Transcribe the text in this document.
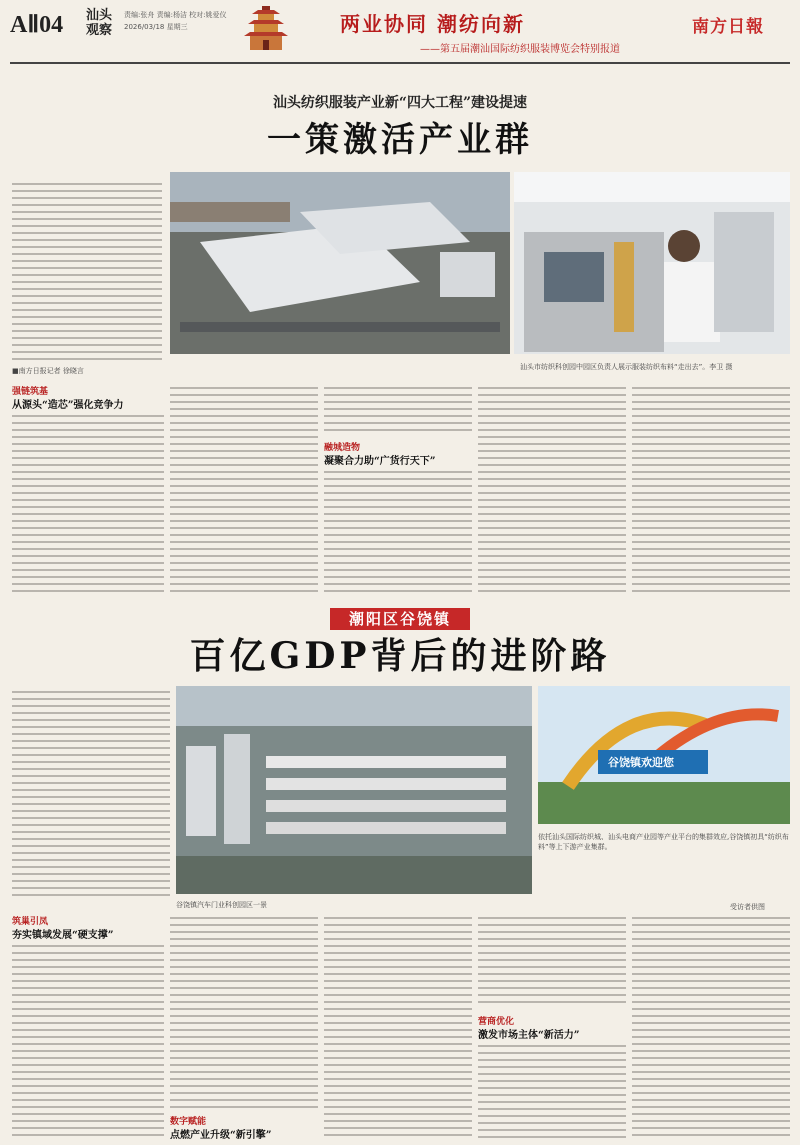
AⅡ04 汕头观察
责编:张舟 责编:杨洁 校对:姚爱仪
2026/03/18 星期三	两业协同 潮纺向新
——第五届潮汕国际纺织服装博览会特别报道
南方日報
汕头纺织服装产业新“四大工程”建设提速
一策激活产业群
■南方日报记者 徐晓言	汕头市纺织科创园中园区负责人展示服装纺织布料“走出去”。李卫 摄
强链筑基
从源头“造芯”强化竞争力
融城造物
凝聚合力助“广货行天下”
潮阳区谷饶镇
百亿GDP背后的进阶路
谷饶镇欢迎您
谷饶镇汽车门业科创园区一景
依托汕头国际纺织城、汕头电商产业园等产业平台的集群效应,谷饶镇初具“纺织布料”等上下游产业集群。
受访者供图
筑巢引凤
夯实镇域发展“硬支撑”
数字赋能
点燃产业升级“新引擎”
营商优化
激发市场主体“新活力”
